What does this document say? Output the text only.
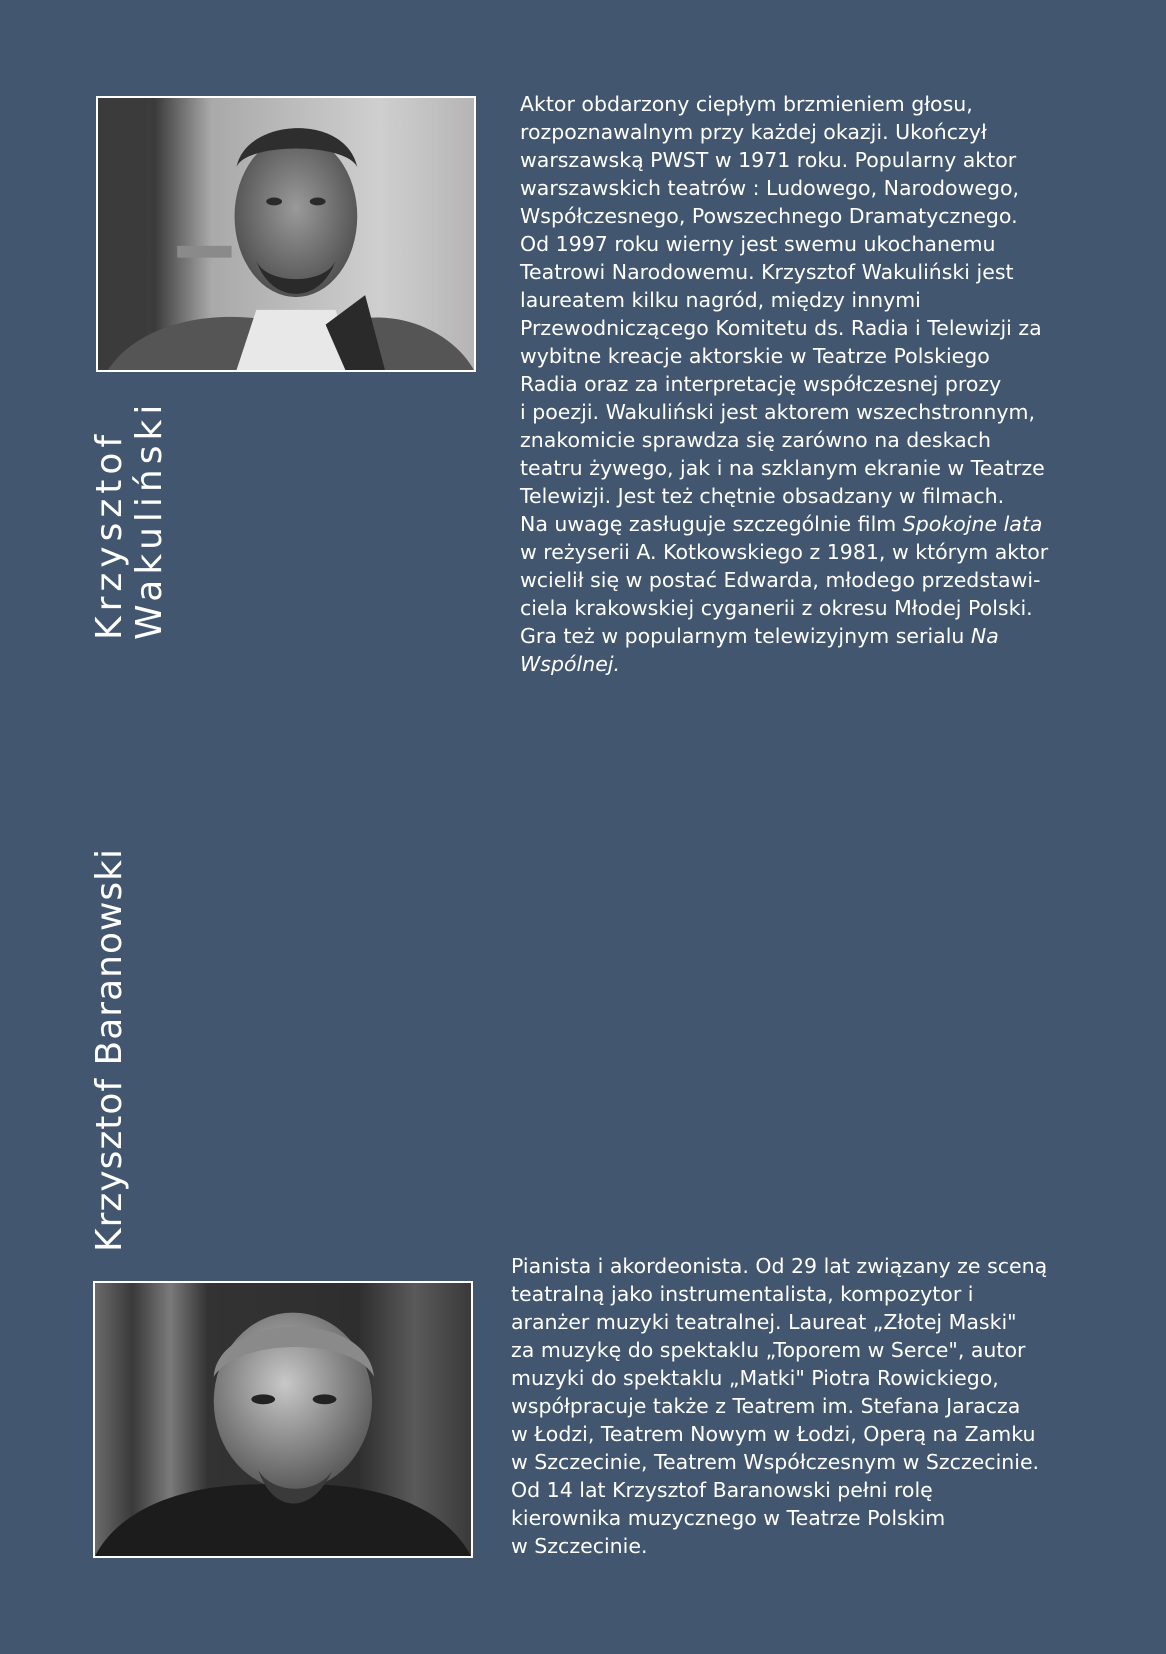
Krzysztof Wakuliński

Aktor obdarzony ciepłym brzmieniem głosu,
rozpoznawalnym przy każdej okazji. Ukończył
warszawską PWST w 1971 roku. Popularny aktor
warszawskich teatrów : Ludowego, Narodowego,
Współczesnego, Powszechnego Dramatycznego.
Od 1997 roku wierny jest swemu ukochanemu
Teatrowi Narodowemu. Krzysztof Wakuliński jest
laureatem kilku nagród, między innymi
Przewodniczącego Komitetu ds. Radia i Telewizji za
wybitne kreacje aktorskie w Teatrze Polskiego
Radia oraz za interpretację współczesnej prozy
i poezji. Wakuliński jest aktorem wszechstronnym,
znakomicie sprawdza się zarówno na deskach
teatru żywego, jak i na szklanym ekranie w Teatrze
Telewizji. Jest też chętnie obsadzany w filmach.
Na uwagę zasługuje szczególnie film Spokojne lata
w reżyserii A. Kotkowskiego z 1981, w którym aktor
wcielił się w postać Edwarda, młodego przedstawi-
ciela krakowskiej cyganerii z okresu Młodej Polski.
Gra też w popularnym telewizyjnym serialu Na
Wspólnej.

Krzysztof Baranowski

Pianista i akordeonista. Od 29 lat związany ze sceną
teatralną jako instrumentalista, kompozytor i
aranżer muzyki teatralnej. Laureat „Złotej Maski"
za muzykę do spektaklu „Toporem w Serce", autor
muzyki do spektaklu „Matki" Piotra Rowickiego,
współpracuje także z Teatrem im. Stefana Jaracza
w Łodzi, Teatrem Nowym w Łodzi, Operą na Zamku
w Szczecinie, Teatrem Współczesnym w Szczecinie.
Od 14 lat Krzysztof Baranowski pełni rolę
kierownika muzycznego w Teatrze Polskim
w Szczecinie.
